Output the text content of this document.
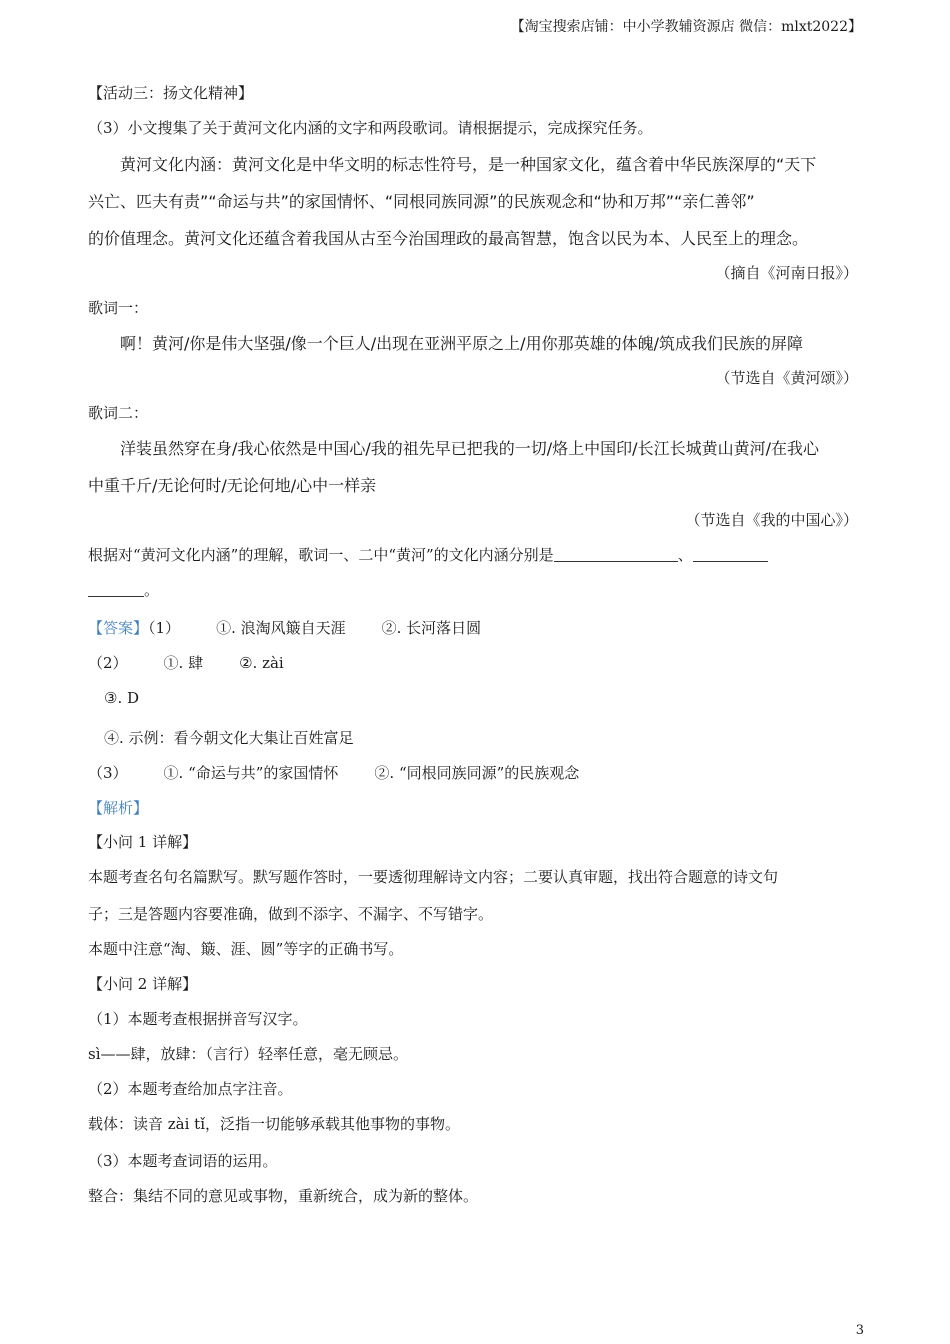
【淘宝搜索店铺：中小学教辅资源店 微信：mlxt2022】
【活动三：扬文化精神】
（3）小文搜集了关于黄河文化内涵的文字和两段歌词。请根据提示，完成探究任务。
黄河文化内涵：黄河文化是中华文明的标志性符号，是一种国家文化，蕴含着中华民族深厚的“天下
兴亡、匹夫有责”“命运与共”的家国情怀、“同根同族同源”的民族观念和“协和万邦”“亲仁善邻”
的价值理念。黄河文化还蕴含着我国从古至今治国理政的最高智慧，饱含以民为本、人民至上的理念。
（摘自《河南日报》）
歌词一：
啊！黄河/你是伟大坚强/像一个巨人/出现在亚洲平原之上/用你那英雄的体魄/筑成我们民族的屏障
（节选自《黄河颂》）
歌词二：
洋装虽然穿在身/我心依然是中国心/我的祖先早已把我的一切/烙上中国印/长江长城黄山黄河/在我心
中重千斤/无论何时/无论何地/心中一样亲
（节选自《我的中国心》）
根据对“黄河文化内涵”的理解，歌词一、二中“黄河”的文化内涵分别是	、
。
【答案】（1） ①. 浪淘风簸自天涯 ②. 长河落日圆
（2） ①. 肆 ②. zài
③. D
④. 示例：看今朝文化大集让百姓富足
（3） ①. “命运与共”的家国情怀 ②. “同根同族同源”的民族观念
【解析】
【小问 1 详解】
本题考查名句名篇默写。默写题作答时，一要透彻理解诗文内容；二要认真审题，找出符合题意的诗文句
子；三是答题内容要准确，做到不添字、不漏字、不写错字。
本题中注意“淘、簸、涯、圆”等字的正确书写。
【小问 2 详解】
（1）本题考查根据拼音写汉字。
sì——肆，放肆：（言行）轻率任意，毫无顾忌。
（2）本题考查给加点字注音。
载体：读音 zài tǐ，泛指一切能够承载其他事物的事物。
（3）本题考查词语的运用。
整合：集结不同的意见或事物，重新统合，成为新的整体。
3
